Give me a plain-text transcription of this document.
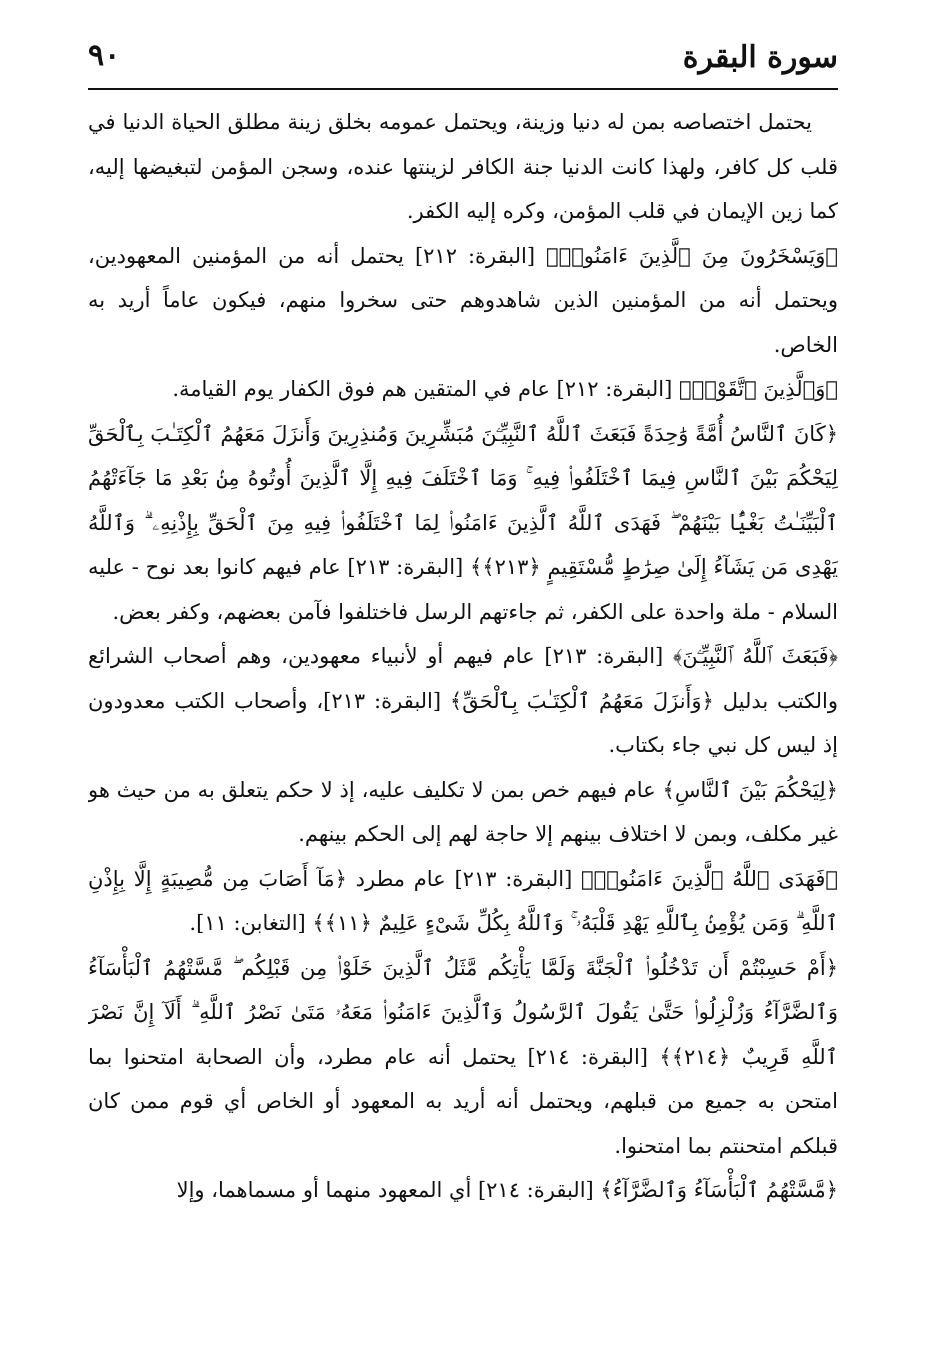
سورة البقرة
٩٠

يحتمل اختصاصه بمن له دنيا وزينة، ويحتمل عمومه بخلق زينة مطلق الحياة الدنيا في قلب كل كافر، ولهذا كانت الدنيا جنة الكافر لزينتها عنده، وسجن المؤمن لتبغيضها إليه، كما زين الإيمان في قلب المؤمن، وكره إليه الكفر.

﴿وَيَسْخَرُونَ مِنَ ٱلَّذِينَ ءَامَنُوا۟﴾ [البقرة: ٢١٢] يحتمل أنه من المؤمنين المعهودين، ويحتمل أنه من المؤمنين الذين شاهدوهم حتى سخروا منهم، فيكون عاماً أريد به الخاص.

﴿وَٱلَّذِينَ ٱتَّقَوْا۟﴾ [البقرة: ٢١٢] عام في المتقين هم فوق الكفار يوم القيامة.

﴿كَانَ ٱلنَّاسُ أُمَّةً وَٰحِدَةً فَبَعَثَ ٱللَّهُ ٱلنَّبِيِّـۧنَ مُبَشِّرِينَ وَمُنذِرِينَ وَأَنزَلَ مَعَهُمُ ٱلْكِتَـٰبَ بِٱلْحَقِّ لِيَحْكُمَ بَيْنَ ٱلنَّاسِ فِيمَا ٱخْتَلَفُوا۟ فِيهِ ۚ وَمَا ٱخْتَلَفَ فِيهِ إِلَّا ٱلَّذِينَ أُوتُوهُ مِنۢ بَعْدِ مَا جَآءَتْهُمُ ٱلْبَيِّنَـٰتُ بَغْيًۢا بَيْنَهُمْ ۖ فَهَدَى ٱللَّهُ ٱلَّذِينَ ءَامَنُوا۟ لِمَا ٱخْتَلَفُوا۟ فِيهِ مِنَ ٱلْحَقِّ بِإِذْنِهِۦ ۗ وَٱللَّهُ يَهْدِى مَن يَشَآءُ إِلَىٰ صِرَٰطٍ مُّسْتَقِيمٍ ﴿٢١٣﴾﴾ [البقرة: ٢١٣] عام فيهم كانوا بعد نوح - عليه السلام - ملة واحدة على الكفر، ثم جاءتهم الرسل فاختلفوا فآمن بعضهم، وكفر بعض.

﴿فَبَعَثَ ٱللَّهُ ٱلنَّبِيِّـۧنَ﴾ [البقرة: ٢١٣] عام فيهم أو لأنبياء معهودين، وهم أصحاب الشرائع والكتب بدليل ﴿وَأَنزَلَ مَعَهُمُ ٱلْكِتَـٰبَ بِٱلْحَقِّ﴾ [البقرة: ٢١٣]، وأصحاب الكتب معدودون إذ ليس كل نبي جاء بكتاب.

﴿لِيَحْكُمَ بَيْنَ ٱلنَّاسِ﴾ عام فيهم خص بمن لا تكليف عليه، إذ لا حكم يتعلق به من حيث هو غير مكلف، وبمن لا اختلاف بينهم إلا حاجة لهم إلى الحكم بينهم.

﴿فَهَدَى ٱللَّهُ ٱلَّذِينَ ءَامَنُوا۟﴾ [البقرة: ٢١٣] عام مطرد ﴿مَآ أَصَابَ مِن مُّصِيبَةٍ إِلَّا بِإِذْنِ ٱللَّهِ ۗ وَمَن يُؤْمِنۢ بِٱللَّهِ يَهْدِ قَلْبَهُۥ ۚ وَٱللَّهُ بِكُلِّ شَىْءٍ عَلِيمٌ ﴿١١﴾﴾ [التغابن: ١١].

﴿أَمْ حَسِبْتُمْ أَن تَدْخُلُوا۟ ٱلْجَنَّةَ وَلَمَّا يَأْتِكُم مَّثَلُ ٱلَّذِينَ خَلَوْا۟ مِن قَبْلِكُم ۖ مَّسَّتْهُمُ ٱلْبَأْسَآءُ وَٱلضَّرَّآءُ وَزُلْزِلُوا۟ حَتَّىٰ يَقُولَ ٱلرَّسُولُ وَٱلَّذِينَ ءَامَنُوا۟ مَعَهُۥ مَتَىٰ نَصْرُ ٱللَّهِ ۗ أَلَآ إِنَّ نَصْرَ ٱللَّهِ قَرِيبٌ ﴿٢١٤﴾﴾ [البقرة: ٢١٤] يحتمل أنه عام مطرد، وأن الصحابة امتحنوا بما امتحن به جميع من قبلهم، ويحتمل أنه أريد به المعهود أو الخاص أي قوم ممن كان قبلكم امتحنتم بما امتحنوا.

﴿مَّسَّتْهُمُ ٱلْبَأْسَآءُ وَٱلضَّرَّآءُ﴾ [البقرة: ٢١٤] أي المعهود منهما أو مسماهما، وإلا
